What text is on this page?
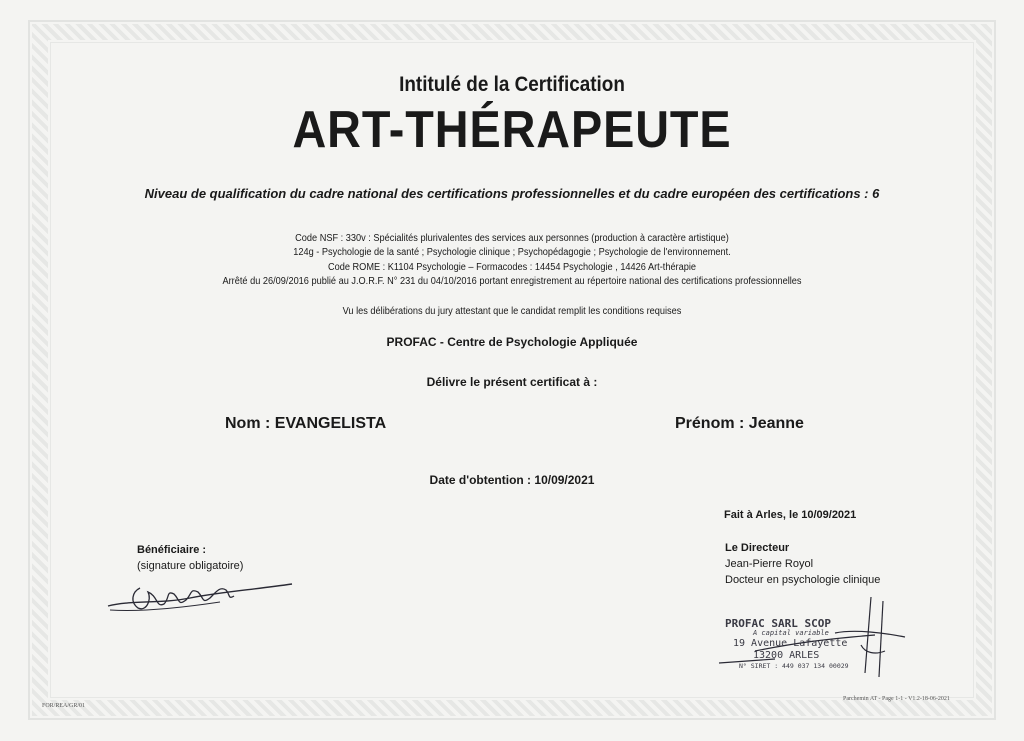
Intitulé de la Certification
ART-THÉRAPEUTE
Niveau de qualification du cadre national des certifications professionnelles et du cadre européen des certifications : 6
Code NSF : 330v : Spécialités plurivalentes des services aux personnes (production à caractère artistique)
124g - Psychologie de la santé ; Psychologie clinique ; Psychopédagogie ; Psychologie de l'environnement.
Code ROME : K1104 Psychologie – Formacodes : 14454 Psychologie , 14426 Art-thérapie
Arrêté du 26/09/2016 publié au J.O.R.F. N° 231 du 04/10/2016 portant enregistrement au répertoire national des certifications professionnelles
Vu les délibérations du jury attestant que le candidat remplit les conditions requises
PROFAC - Centre de Psychologie Appliquée
Délivre le présent certificat à :
Nom : EVANGELISTA	Prénom : Jeanne
Date d'obtention : 10/09/2021
Fait à Arles, le 10/09/2021
Bénéficiaire :
(signature obligatoire)
Le Directeur
Jean-Pierre Royol
Docteur en psychologie clinique
PROFAC SARL SCOP
A capital variable
19 Avenue Lafayette
13200 ARLES
N° SIRET : 449 037 134 00029
FOR/REA/GR/01
Parchemin AT - Page 1-1 - V1.2-18-06-2021
